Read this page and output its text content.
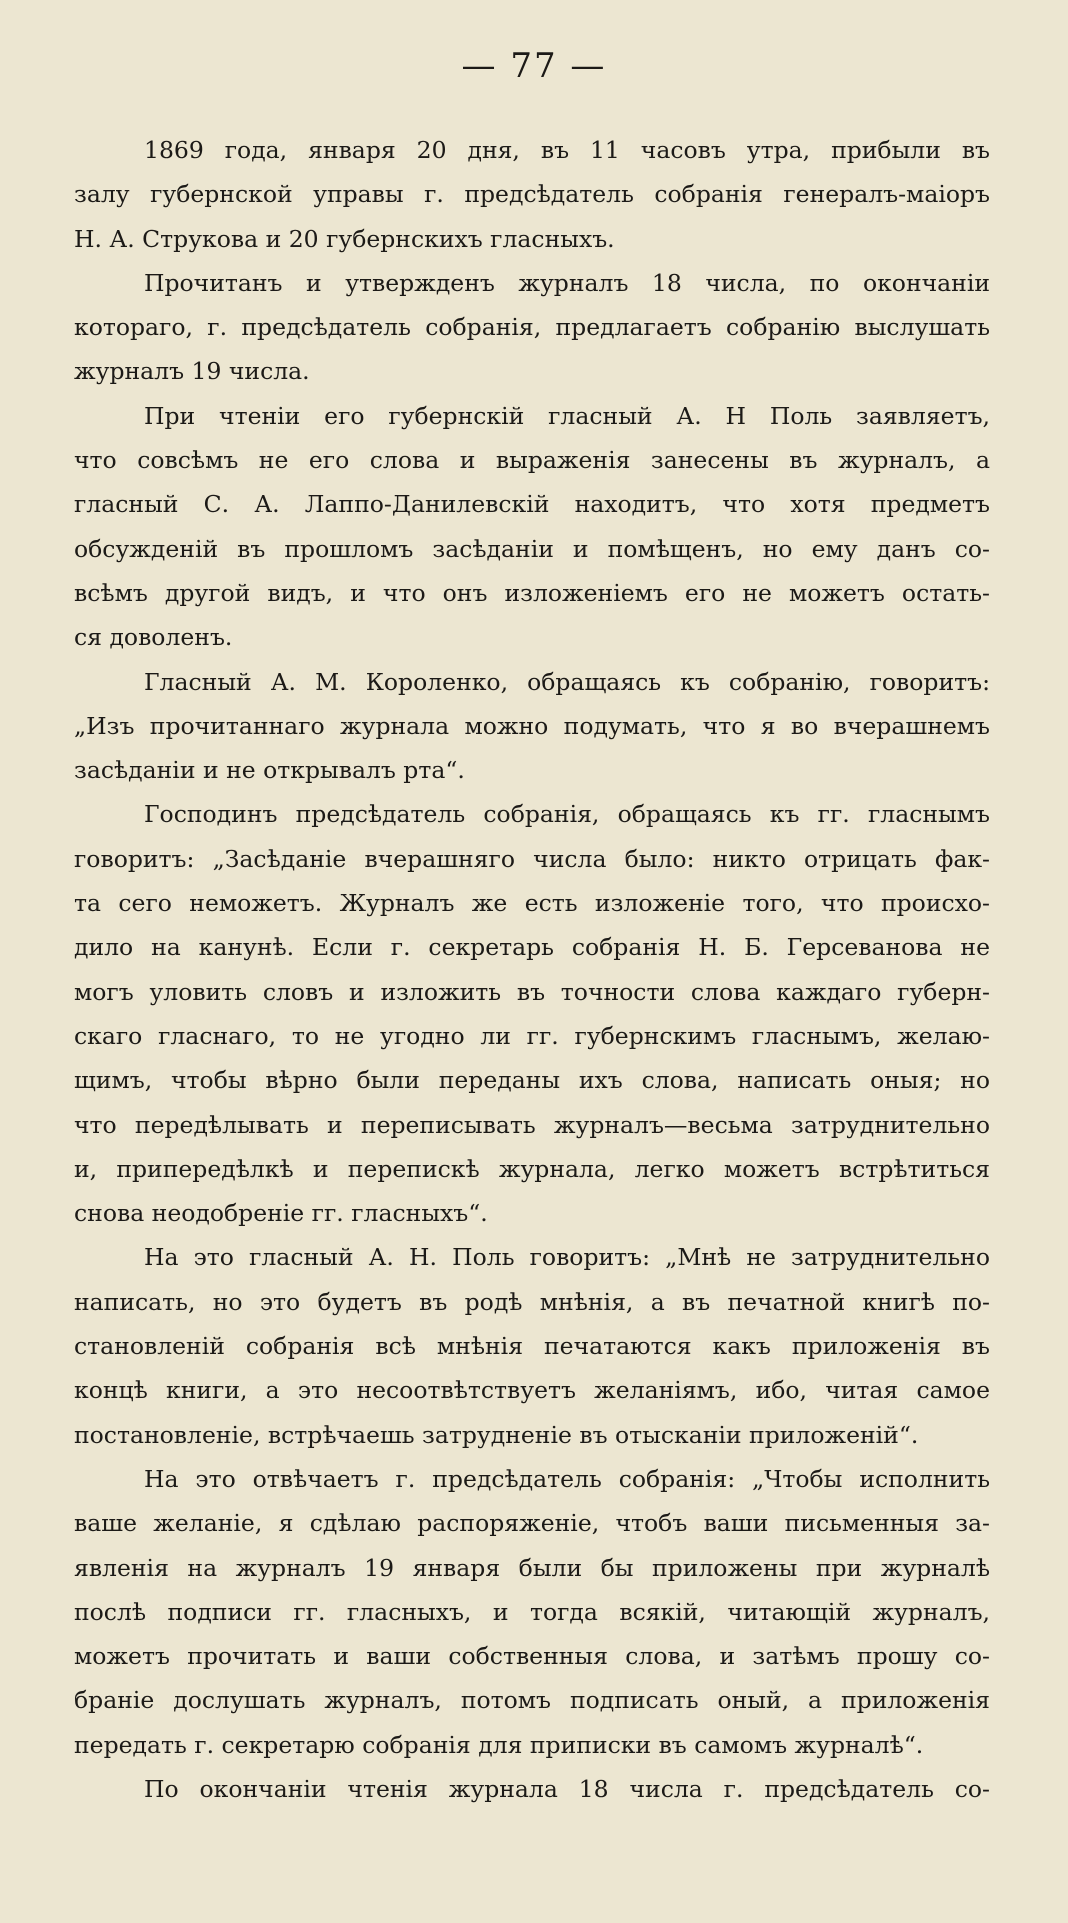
— 77 —
1869 года, января 20 дня, въ 11 часовъ утра, прибыли въ
залу губернской управы г. предсѣдатель собранія генералъ-маіоръ
Н. А. Струкова и 20 губернскихъ гласныхъ.
Прочитанъ и утвержденъ журналъ 18 числа, по окончаніи
котораго, г. предсѣдатель собранія, предлагаетъ собранію выслушать
журналъ 19 числа.
При чтеніи его губернскій гласный А. Н Поль заявляетъ,
что совсѣмъ не его слова и выраженія занесены въ журналъ, а
гласный С. А. Лаппо-Данилевскій находитъ, что хотя предметъ
обсужденій въ прошломъ засѣданіи и помѣщенъ, но ему данъ со-
всѣмъ другой видъ, и что онъ изложеніемъ его не можетъ остать-
ся доволенъ.
Гласный А. М. Короленко, обращаясь къ собранію, говоритъ:
„Изъ прочитаннаго журнала можно подумать, что я во вчерашнемъ
засѣданіи и не открывалъ рта“.
Господинъ предсѣдатель собранія, обращаясь къ гг. гласнымъ
говоритъ: „Засѣданіе вчерашняго числа было: никто отрицать фак-
та сего неможетъ. Журналъ же есть изложеніе того, что происхо-
дило на канунѣ. Если г. секретарь собранія Н. Б. Герсеванова не
могъ уловить словъ и изложить въ точности слова каждаго губерн-
скаго гласнаго, то не угодно ли гг. губернскимъ гласнымъ, желаю-
щимъ, чтобы вѣрно были переданы ихъ слова, написать оныя; но
что передѣлывать и переписывать журналъ—весьма затруднительно
и, припередѣлкѣ и перепискѣ журнала, легко можетъ встрѣтиться
снова неодобреніе гг. гласныхъ“.
На это гласный А. Н. Поль говоритъ: „Мнѣ не затруднительно
написать, но это будетъ въ родѣ мнѣнія, а въ печатной книгѣ по-
становленій собранія всѣ мнѣнія печатаются какъ приложенія въ
концѣ книги, а это несоотвѣтствуетъ желаніямъ, ибо, читая самое
постановленіе, встрѣчаешь затрудненіе въ отысканіи приложеній“.
На это отвѣчаетъ г. предсѣдатель собранія: „Чтобы исполнить
ваше желаніе, я сдѣлаю распоряженіе, чтобъ ваши письменныя за-
явленія на журналъ 19 января были бы приложены при журналѣ
послѣ подписи гг. гласныхъ, и тогда всякій, читающій журналъ,
можетъ прочитать и ваши собственныя слова, и затѣмъ прошу со-
браніе дослушать журналъ, потомъ подписать оный, а приложенія
передать г. секретарю собранія для приписки въ самомъ журналѣ“.
По окончаніи чтенія журнала 18 числа г. предсѣдатель со-
